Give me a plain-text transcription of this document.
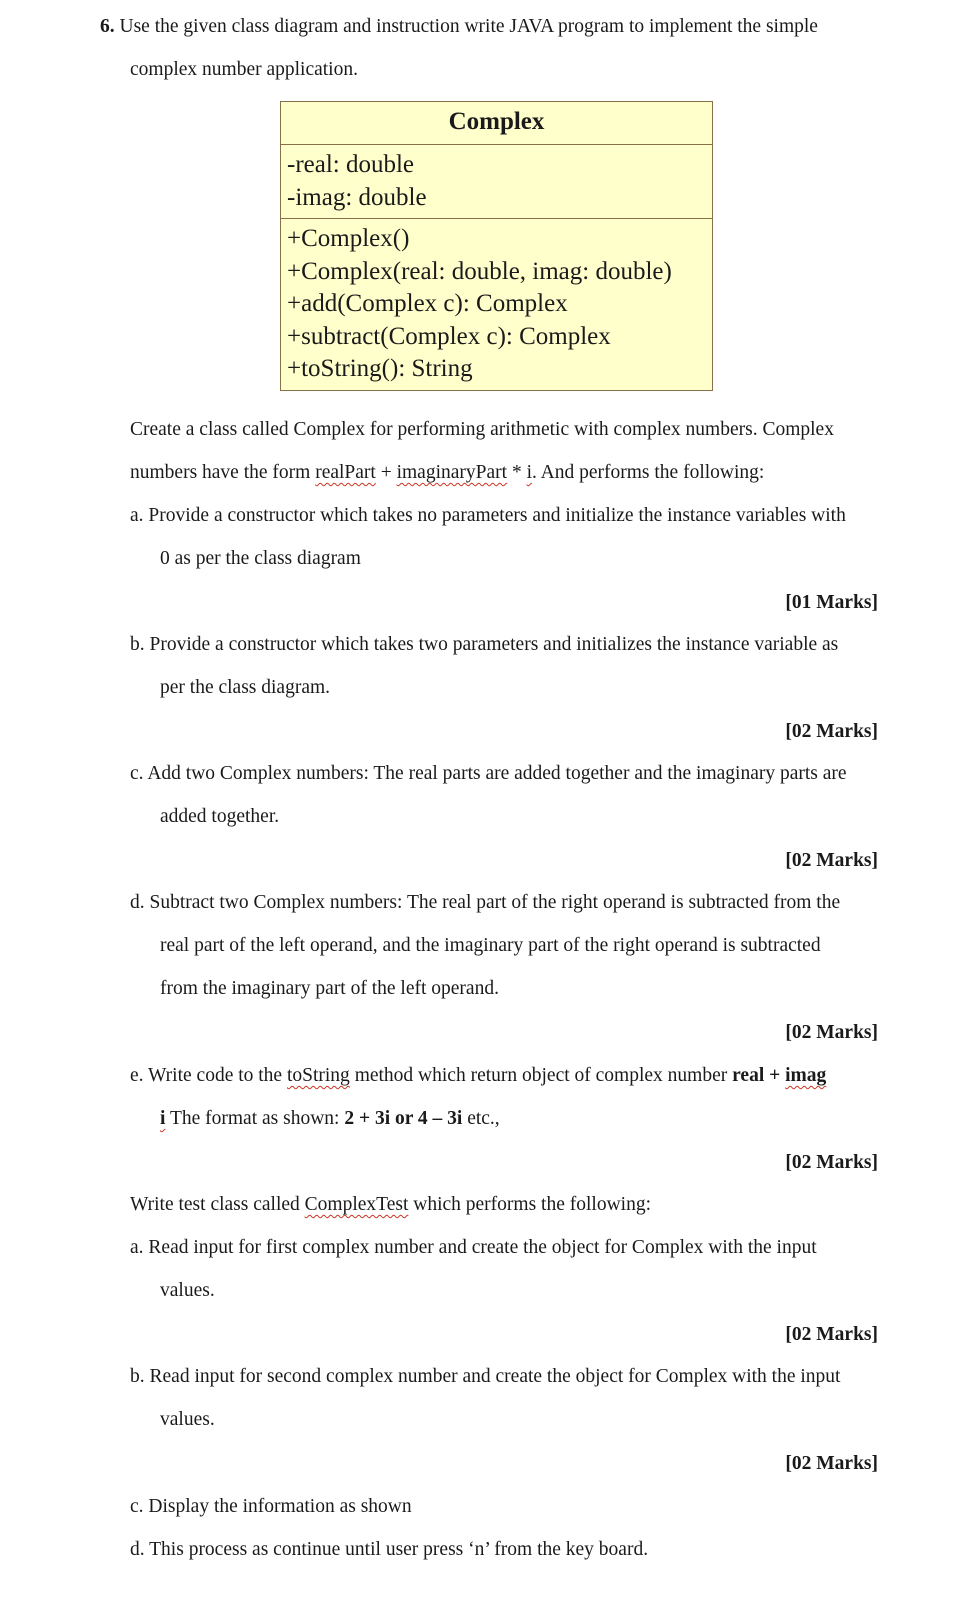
6. Use the given class diagram and instruction write JAVA program to implement the simple
complex number application.
Complex
-real: double
-imag: double
+Complex()
+Complex(real: double, imag: double)
+add(Complex c): Complex
+subtract(Complex c): Complex
+toString(): String
Create a class called Complex for performing arithmetic with complex numbers. Complex
numbers have the form realPart + imaginaryPart * i. And performs the following:
a. Provide a constructor which takes no parameters and initialize the instance variables with
0 as per the class diagram
[01 Marks]
b. Provide a constructor which takes two parameters and initializes the instance variable as
per the class diagram.
[02 Marks]
c. Add two Complex numbers: The real parts are added together and the imaginary parts are
added together.
[02 Marks]
d. Subtract two Complex numbers: The real part of the right operand is subtracted from the
real part of the left operand, and the imaginary part of the right operand is subtracted
from the imaginary part of the left operand.
[02 Marks]
e. Write code to the toString method which return object of complex number real + imag
i The format as shown: 2 + 3i or 4 – 3i etc.,
[02 Marks]
Write test class called ComplexTest which performs the following:
a. Read input for first complex number and create the object for Complex with the input
values.
[02 Marks]
b. Read input for second complex number and create the object for Complex with the input
values.
[02 Marks]
c. Display the information as shown
d. This process as continue until user press ‘n’ from the key board.
